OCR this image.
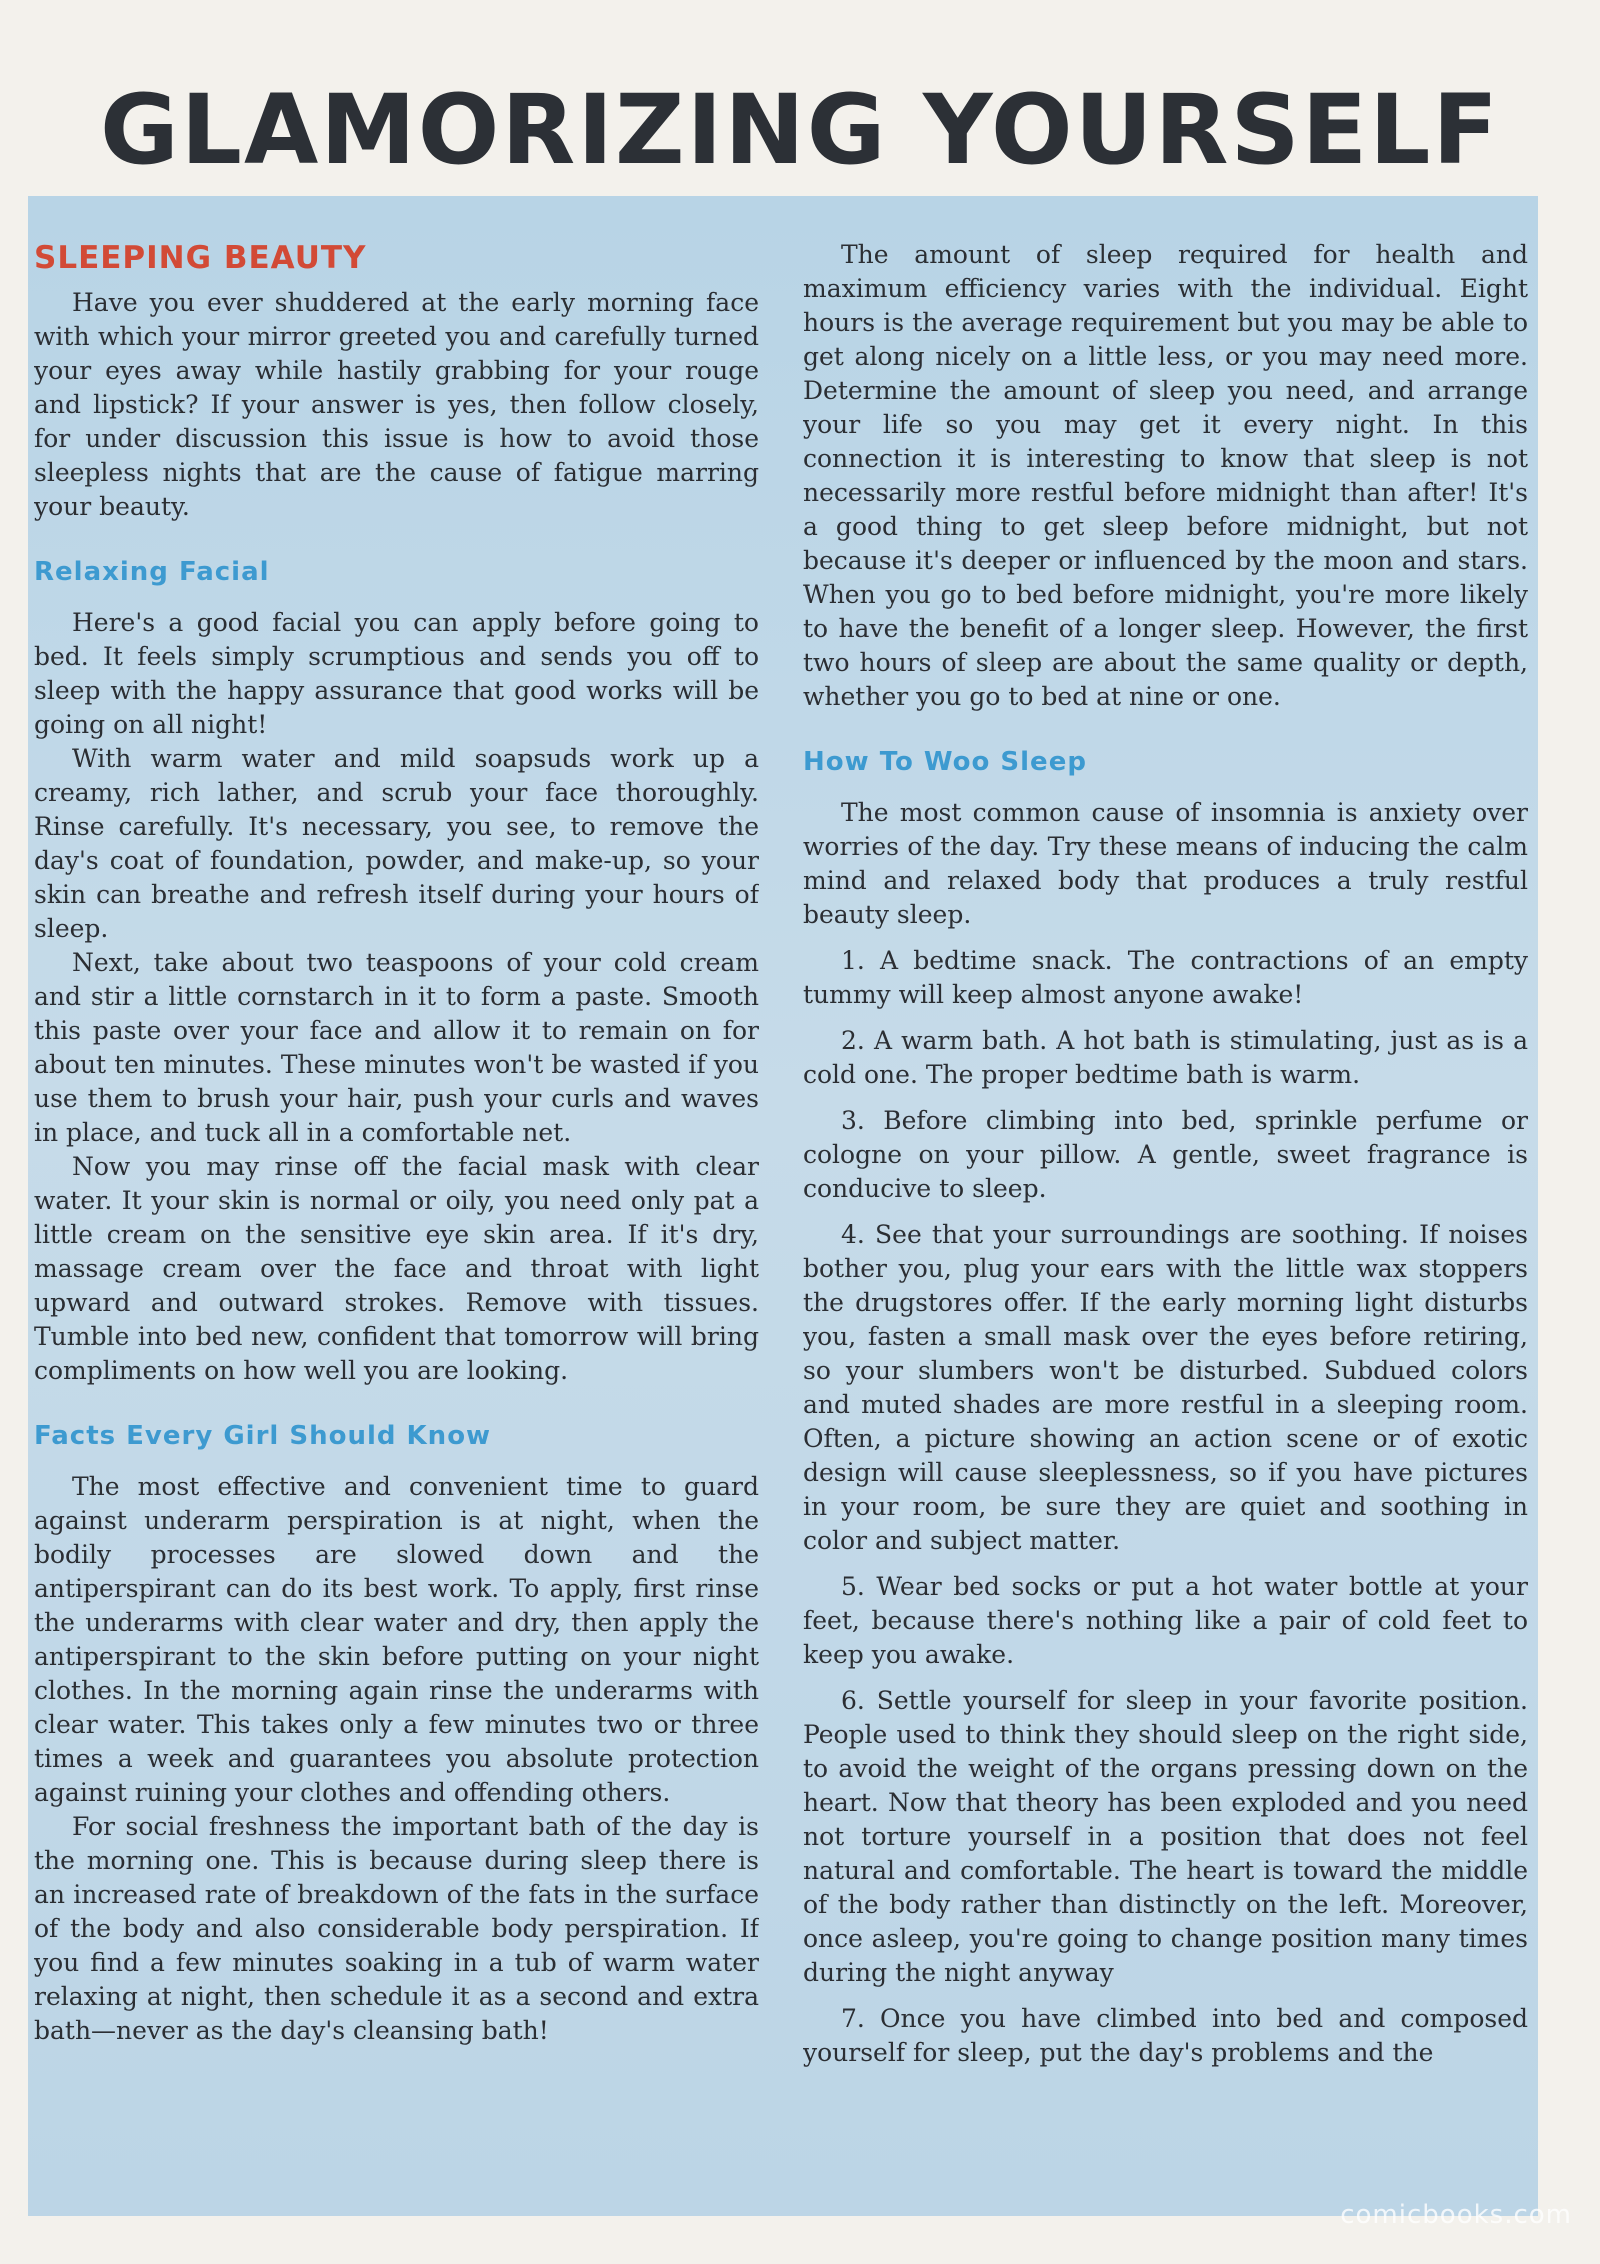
GLAMORIZING YOURSELF
SLEEPING BEAUTY

Have you ever shuddered at the early morning face with which your mirror greeted you and carefully turned your eyes away while hastily grabbing for your rouge and lipstick? If your answer is yes, then follow closely, for under discussion this issue is how to avoid those sleepless nights that are the cause of fatigue marring your beauty.

Relaxing Facial

Here's a good facial you can apply before going to bed. It feels simply scrumptious and sends you off to sleep with the happy assurance that good works will be going on all night!

With warm water and mild soapsuds work up a creamy, rich lather, and scrub your face thoroughly. Rinse carefully. It's necessary, you see, to remove the day's coat of foundation, powder, and make-up, so your skin can breathe and refresh itself during your hours of sleep.

Next, take about two teaspoons of your cold cream and stir a little cornstarch in it to form a paste. Smooth this paste over your face and allow it to remain on for about ten minutes. These minutes won't be wasted if you use them to brush your hair, push your curls and waves in place, and tuck all in a comfortable net.

Now you may rinse off the facial mask with clear water. It your skin is normal or oily, you need only pat a little cream on the sensitive eye skin area. If it's dry, massage cream over the face and throat with light upward and outward strokes. Remove with tissues. Tumble into bed new, confident that tomorrow will bring compliments on how well you are looking.

Facts Every Girl Should Know

The most effective and convenient time to guard against underarm perspiration is at night, when the bodily processes are slowed down and the antiperspirant can do its best work. To apply, first rinse the underarms with clear water and dry, then apply the antiperspirant to the skin before putting on your night clothes. In the morning again rinse the underarms with clear water. This takes only a few minutes two or three times a week and guarantees you absolute protection against ruining your clothes and offending others.

For social freshness the important bath of the day is the morning one. This is because during sleep there is an increased rate of breakdown of the fats in the surface of the body and also considerable body perspiration. If you find a few minutes soaking in a tub of warm water relaxing at night, then schedule it as a second and extra bath—never as the day's cleansing bath!

The amount of sleep required for health and maximum efficiency varies with the individual. Eight hours is the average requirement but you may be able to get along nicely on a little less, or you may need more. Determine the amount of sleep you need, and arrange your life so you may get it every night. In this connection it is interesting to know that sleep is not necessarily more restful before midnight than after! It's a good thing to get sleep before midnight, but not because it's deeper or influenced by the moon and stars. When you go to bed before midnight, you're more likely to have the benefit of a longer sleep. However, the first two hours of sleep are about the same quality or depth, whether you go to bed at nine or one.

How To Woo Sleep

The most common cause of insomnia is anxiety over worries of the day. Try these means of inducing the calm mind and relaxed body that produces a truly restful beauty sleep.

1. A bedtime snack. The contractions of an empty tummy will keep almost anyone awake!

2. A warm bath. A hot bath is stimulating, just as is a cold one. The proper bedtime bath is warm.

3. Before climbing into bed, sprinkle perfume or cologne on your pillow. A gentle, sweet fragrance is conducive to sleep.

4. See that your surroundings are soothing. If noises bother you, plug your ears with the little wax stoppers the drugstores offer. If the early morning light disturbs you, fasten a small mask over the eyes before retiring, so your slumbers won't be disturbed. Subdued colors and muted shades are more restful in a sleeping room. Often, a picture showing an action scene or of exotic design will cause sleeplessness, so if you have pictures in your room, be sure they are quiet and soothing in color and subject matter.

5. Wear bed socks or put a hot water bottle at your feet, because there's nothing like a pair of cold feet to keep you awake.

6. Settle yourself for sleep in your favorite position. People used to think they should sleep on the right side, to avoid the weight of the organs pressing down on the heart. Now that theory has been exploded and you need not torture yourself in a position that does not feel natural and comfortable. The heart is toward the middle of the body rather than distinctly on the left. Moreover, once asleep, you're going to change position many times during the night anyway

7. Once you have climbed into bed and composed yourself for sleep, put the day's problems and the

comicbooks.com
